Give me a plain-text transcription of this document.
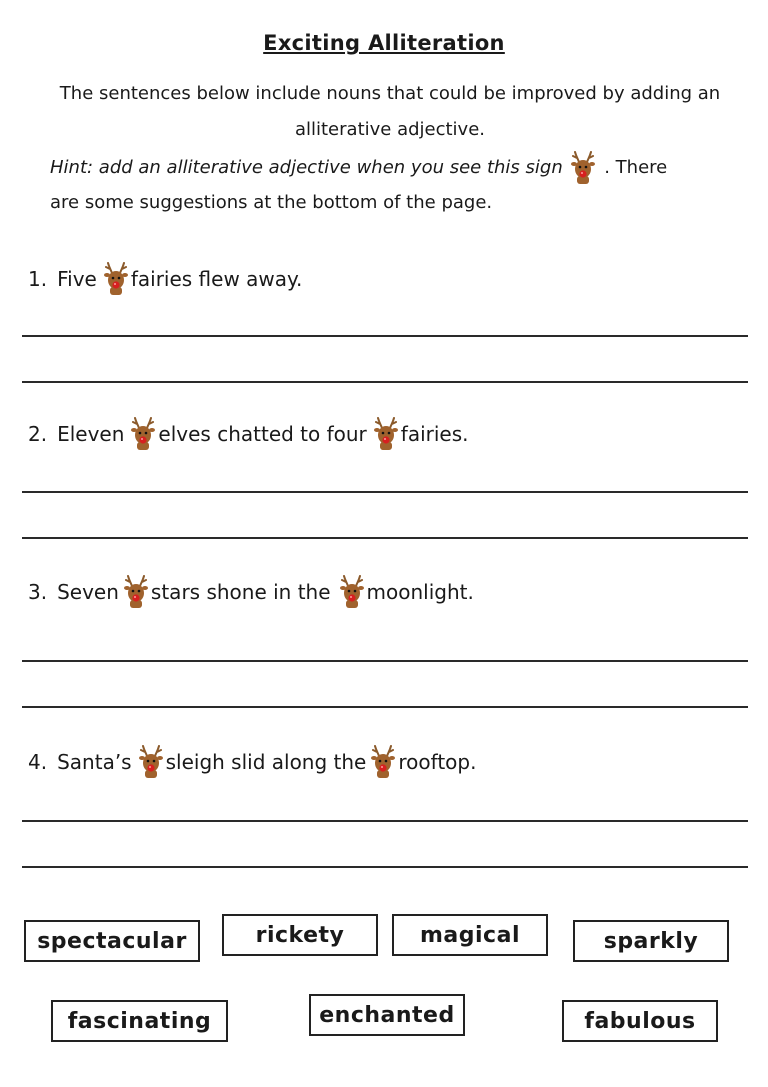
Exciting Alliteration
The sentences below include nouns that could be improved by adding an
alliterative adjective.
Hint: add an alliterative adjective when you see this sign . There
are some suggestions at the bottom of the page.
1. Five fairies flew away.
2. Eleven elves chatted to four fairies.
3. Seven stars shone in the moonlight.
4. Santa’s sleigh slid along the rooftop.
spectacular	rickety	magical	sparkly
fascinating	enchanted	fabulous
